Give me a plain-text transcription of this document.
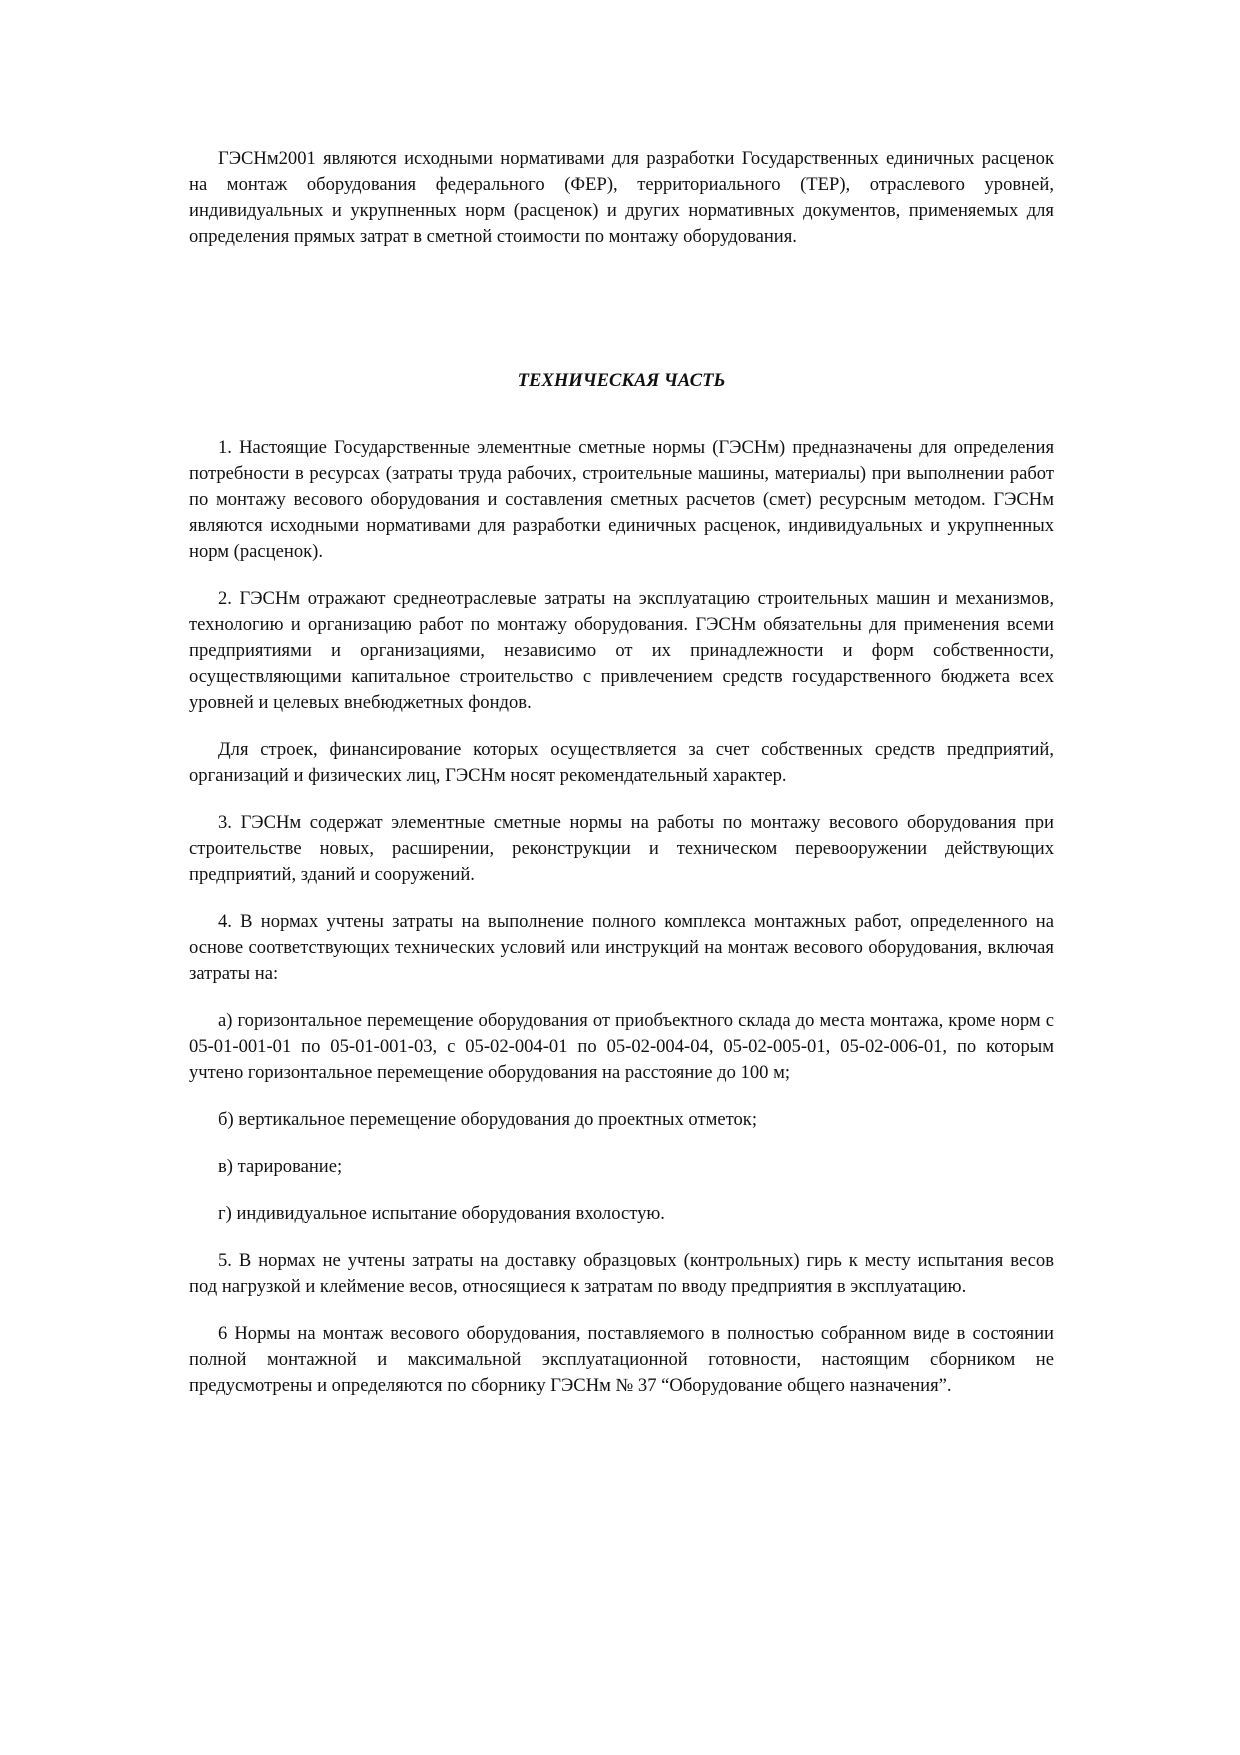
ГЭСНм2001 являются исходными нормативами для разработки Государственных единичных расценок на монтаж оборудования федерального (ФЕР), территориального (ТЕР), отраслевого уровней, индивидуальных и укрупненных норм (расценок) и других нормативных документов, применяемых для определения прямых затрат в сметной стоимости по монтажу оборудования.

ТЕХНИЧЕСКАЯ ЧАСТЬ

1. Настоящие Государственные элементные сметные нормы (ГЭСНм) предназначены для определения потребности в ресурсах (затраты труда рабочих, строительные машины, материалы) при выполнении работ по монтажу весового оборудования и составления сметных расчетов (смет) ресурсным методом. ГЭСНм являются исходными нормативами для разработки единичных расценок, индивидуальных и укрупненных норм (расценок).

2. ГЭСНм отражают среднеотраслевые затраты на эксплуатацию строительных машин и механизмов, технологию и организацию работ по монтажу оборудования. ГЭСНм обязательны для применения всеми предприятиями и организациями, независимо от их принадлежности и форм собственности, осуществляющими капитальное строительство с привлечением средств государственного бюджета всех уровней и целевых внебюджетных фондов.

Для строек, финансирование которых осуществляется за счет собственных средств предприятий, организаций и физических лиц, ГЭСНм носят рекомендательный характер.

3. ГЭСНм содержат элементные сметные нормы на работы по монтажу весового оборудования при строительстве новых, расширении, реконструкции и техническом перевооружении действующих предприятий, зданий и сооружений.

4. В нормах учтены затраты на выполнение полного комплекса монтажных работ, определенного на основе соответствующих технических условий или инструкций на монтаж весового оборудования, включая затраты на:

а) горизонтальное перемещение оборудования от приобъектного склада до места монтажа, кроме норм с 05-01-001-01 по 05-01-001-03, с 05-02-004-01 по 05-02-004-04, 05-02-005-01, 05-02-006-01, по которым учтено горизонтальное перемещение оборудования на расстояние до 100 м;

б) вертикальное перемещение оборудования до проектных отметок;

в) тарирование;

г) индивидуальное испытание оборудования вхолостую.

5. В нормах не учтены затраты на доставку образцовых (контрольных) гирь к месту испытания весов под нагрузкой и клеймение весов, относящиеся к затратам по вводу предприятия в эксплуатацию.

6 Нормы на монтаж весового оборудования, поставляемого в полностью собранном виде в состоянии полной монтажной и максимальной эксплуатационной готовности, настоящим сборником не предусмотрены и определяются по сборнику ГЭСНм № 37 “Оборудование общего назначения”.
